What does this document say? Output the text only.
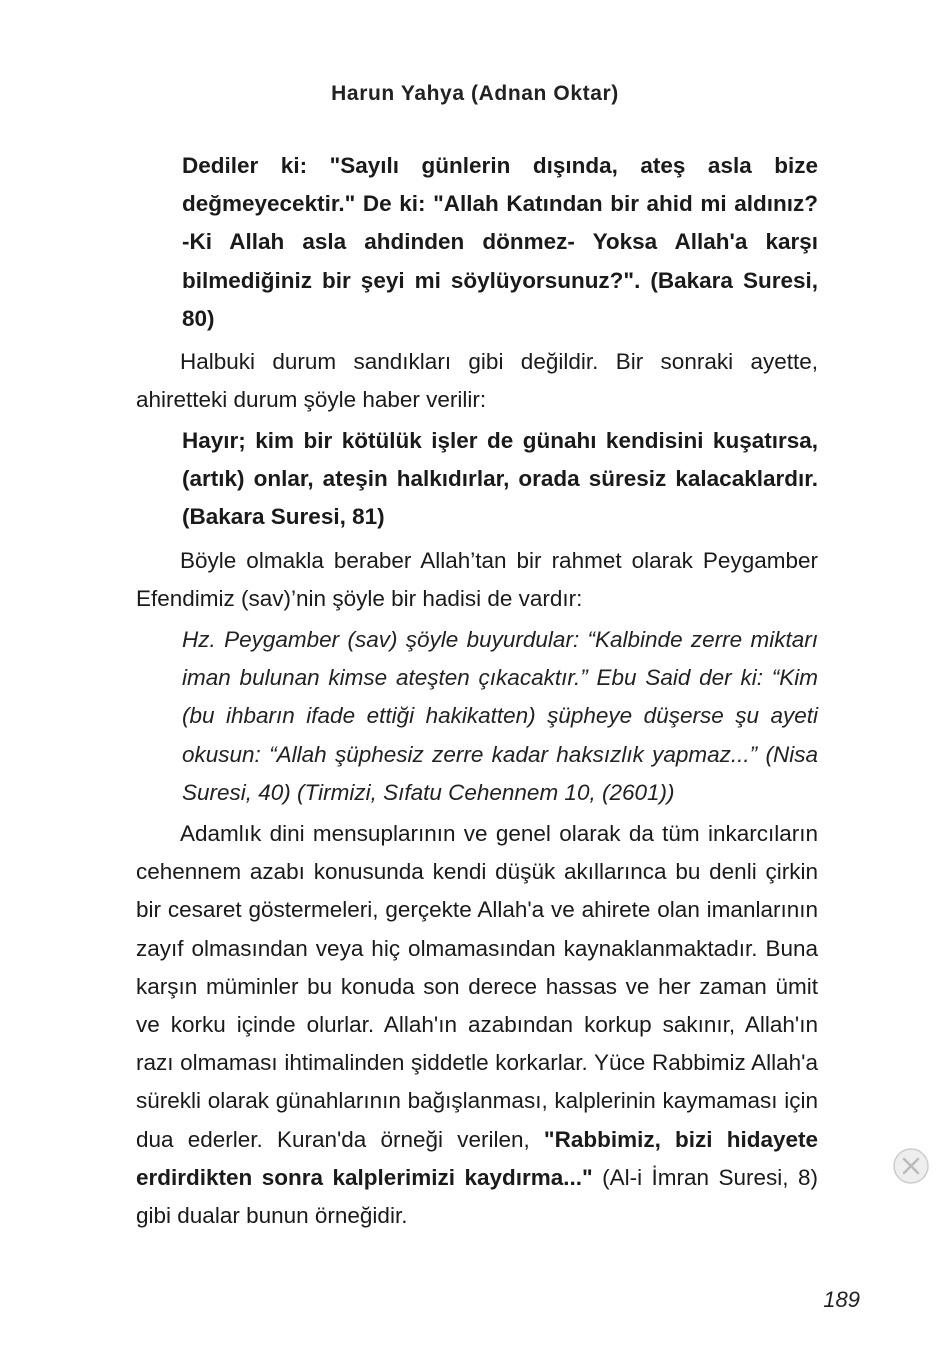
Harun Yahya (Adnan Oktar)
Dediler ki: "Sayılı günlerin dışında, ateş asla bize değmeyecektir." De ki: "Allah Katından bir ahid mi aldınız? -Ki Allah asla ahdinden dönmez- Yoksa Allah'a karşı bilmediğiniz bir şeyi mi söylüyorsunuz?". (Bakara Suresi, 80)
Halbuki durum sandıkları gibi değildir. Bir sonraki ayette, ahiretteki durum şöyle haber verilir:
Hayır; kim bir kötülük işler de günahı kendisini kuşatırsa, (artık) onlar, ateşin halkıdırlar, orada süresiz kalacaklardır. (Bakara Suresi, 81)
Böyle olmakla beraber Allah’tan bir rahmet olarak Peygamber Efendimiz (sav)’nin şöyle bir hadisi de vardır:
Hz. Peygamber (sav) şöyle buyurdular: “Kalbinde zerre miktarı iman bulunan kimse ateşten çıkacaktır.” Ebu Said der ki: “Kim (bu ihbarın ifade ettiği hakikatten) şüpheye düşerse şu ayeti okusun: “Allah şüphesiz zerre kadar haksızlık yapmaz...” (Nisa Suresi, 40) (Tirmizi, Sıfatu Cehennem 10, (2601))
Adamlık dini mensuplarının ve genel olarak da tüm inkarcıların cehennem azabı konusunda kendi düşük akıllarınca bu denli çirkin bir cesaret göstermeleri, gerçekte Allah'a ve ahirete olan imanlarının zayıf olmasından veya hiç olmamasından kaynaklanmaktadır. Buna karşın müminler bu konuda son derece hassas ve her zaman ümit ve korku içinde olurlar. Allah'ın azabından korkup sakınır, Allah'ın razı olmaması ihtimalinden şiddetle korkarlar. Yüce Rabbimiz Allah'a sürekli olarak günahlarının bağışlanması, kalplerinin kaymaması için dua ederler. Kuran'da örneği verilen, "Rabbimiz, bizi hidayete erdirdikten sonra kalplerimizi kaydırma..." (Al-i İmran Suresi, 8) gibi dualar bunun örneğidir.
189
